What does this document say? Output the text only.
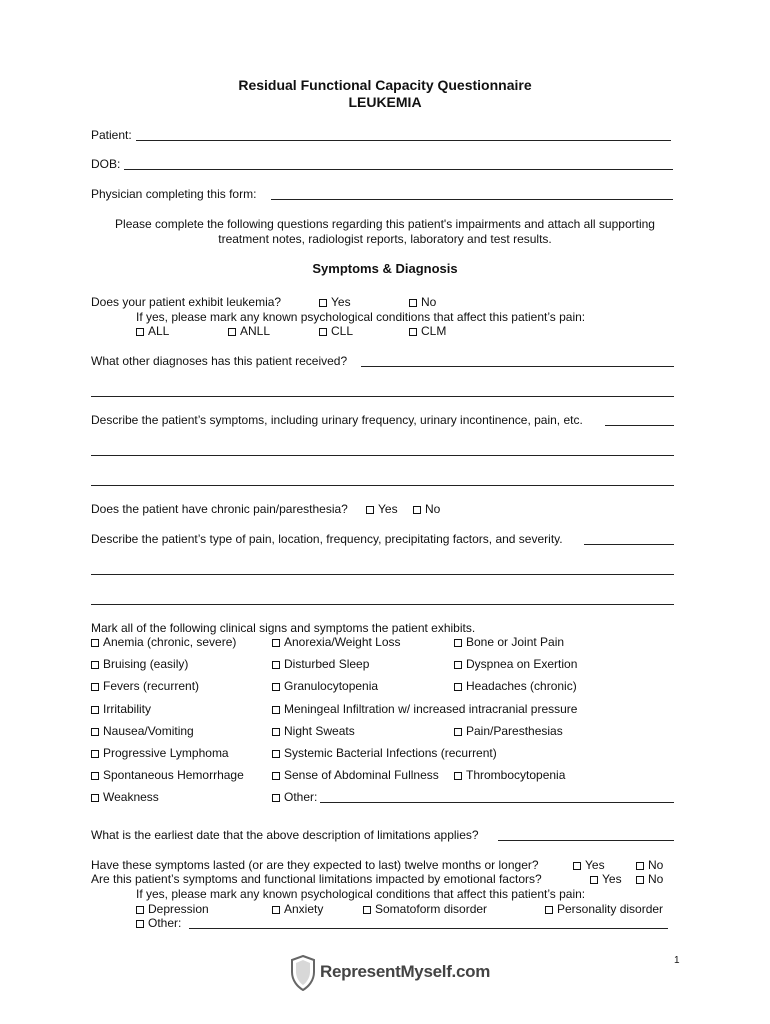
Residual Functional Capacity Questionnaire
LEUKEMIA
Patient:
DOB:
Physician completing this form:
Please complete the following questions regarding this patient's impairments and attach all supporting
treatment notes, radiologist reports, laboratory and test results.
Symptoms & Diagnosis
Does your patient exhibit leukemia?	Yes	No
If yes, please mark any known psychological conditions that affect this patient’s pain:
ALL	ANLL	CLL	CLM
What other diagnoses has this patient received?
Describe the patient’s symptoms, including urinary frequency, urinary incontinence, pain, etc.
Does the patient have chronic pain/paresthesia?	Yes	No
Describe the patient’s type of pain, location, frequency, precipitating factors, and severity.
Mark all of the following clinical signs and symptoms the patient exhibits.
Anemia (chronic, severe)	Anorexia/Weight Loss	Bone or Joint Pain
Bruising (easily)	Disturbed Sleep	Dyspnea on Exertion
Fevers (recurrent)	Granulocytopenia	Headaches (chronic)
Irritability	Meningeal Infiltration w/ increased intracranial pressure
Nausea/Vomiting	Night Sweats	Pain/Paresthesias
Progressive Lymphoma	Systemic Bacterial Infections (recurrent)
Spontaneous Hemorrhage	Sense of Abdominal Fullness	Thrombocytopenia
Weakness	Other:
What is the earliest date that the above description of limitations applies?
Have these symptoms lasted (or are they expected to last) twelve months or longer?	Yes	No
Are this patient’s symptoms and functional limitations impacted by emotional factors?	Yes	No
If yes, please mark any known psychological conditions that affect this patient’s pain:
Depression	Anxiety	Somatoform disorder	Personality disorder
Other:
1
RepresentMyself.com
